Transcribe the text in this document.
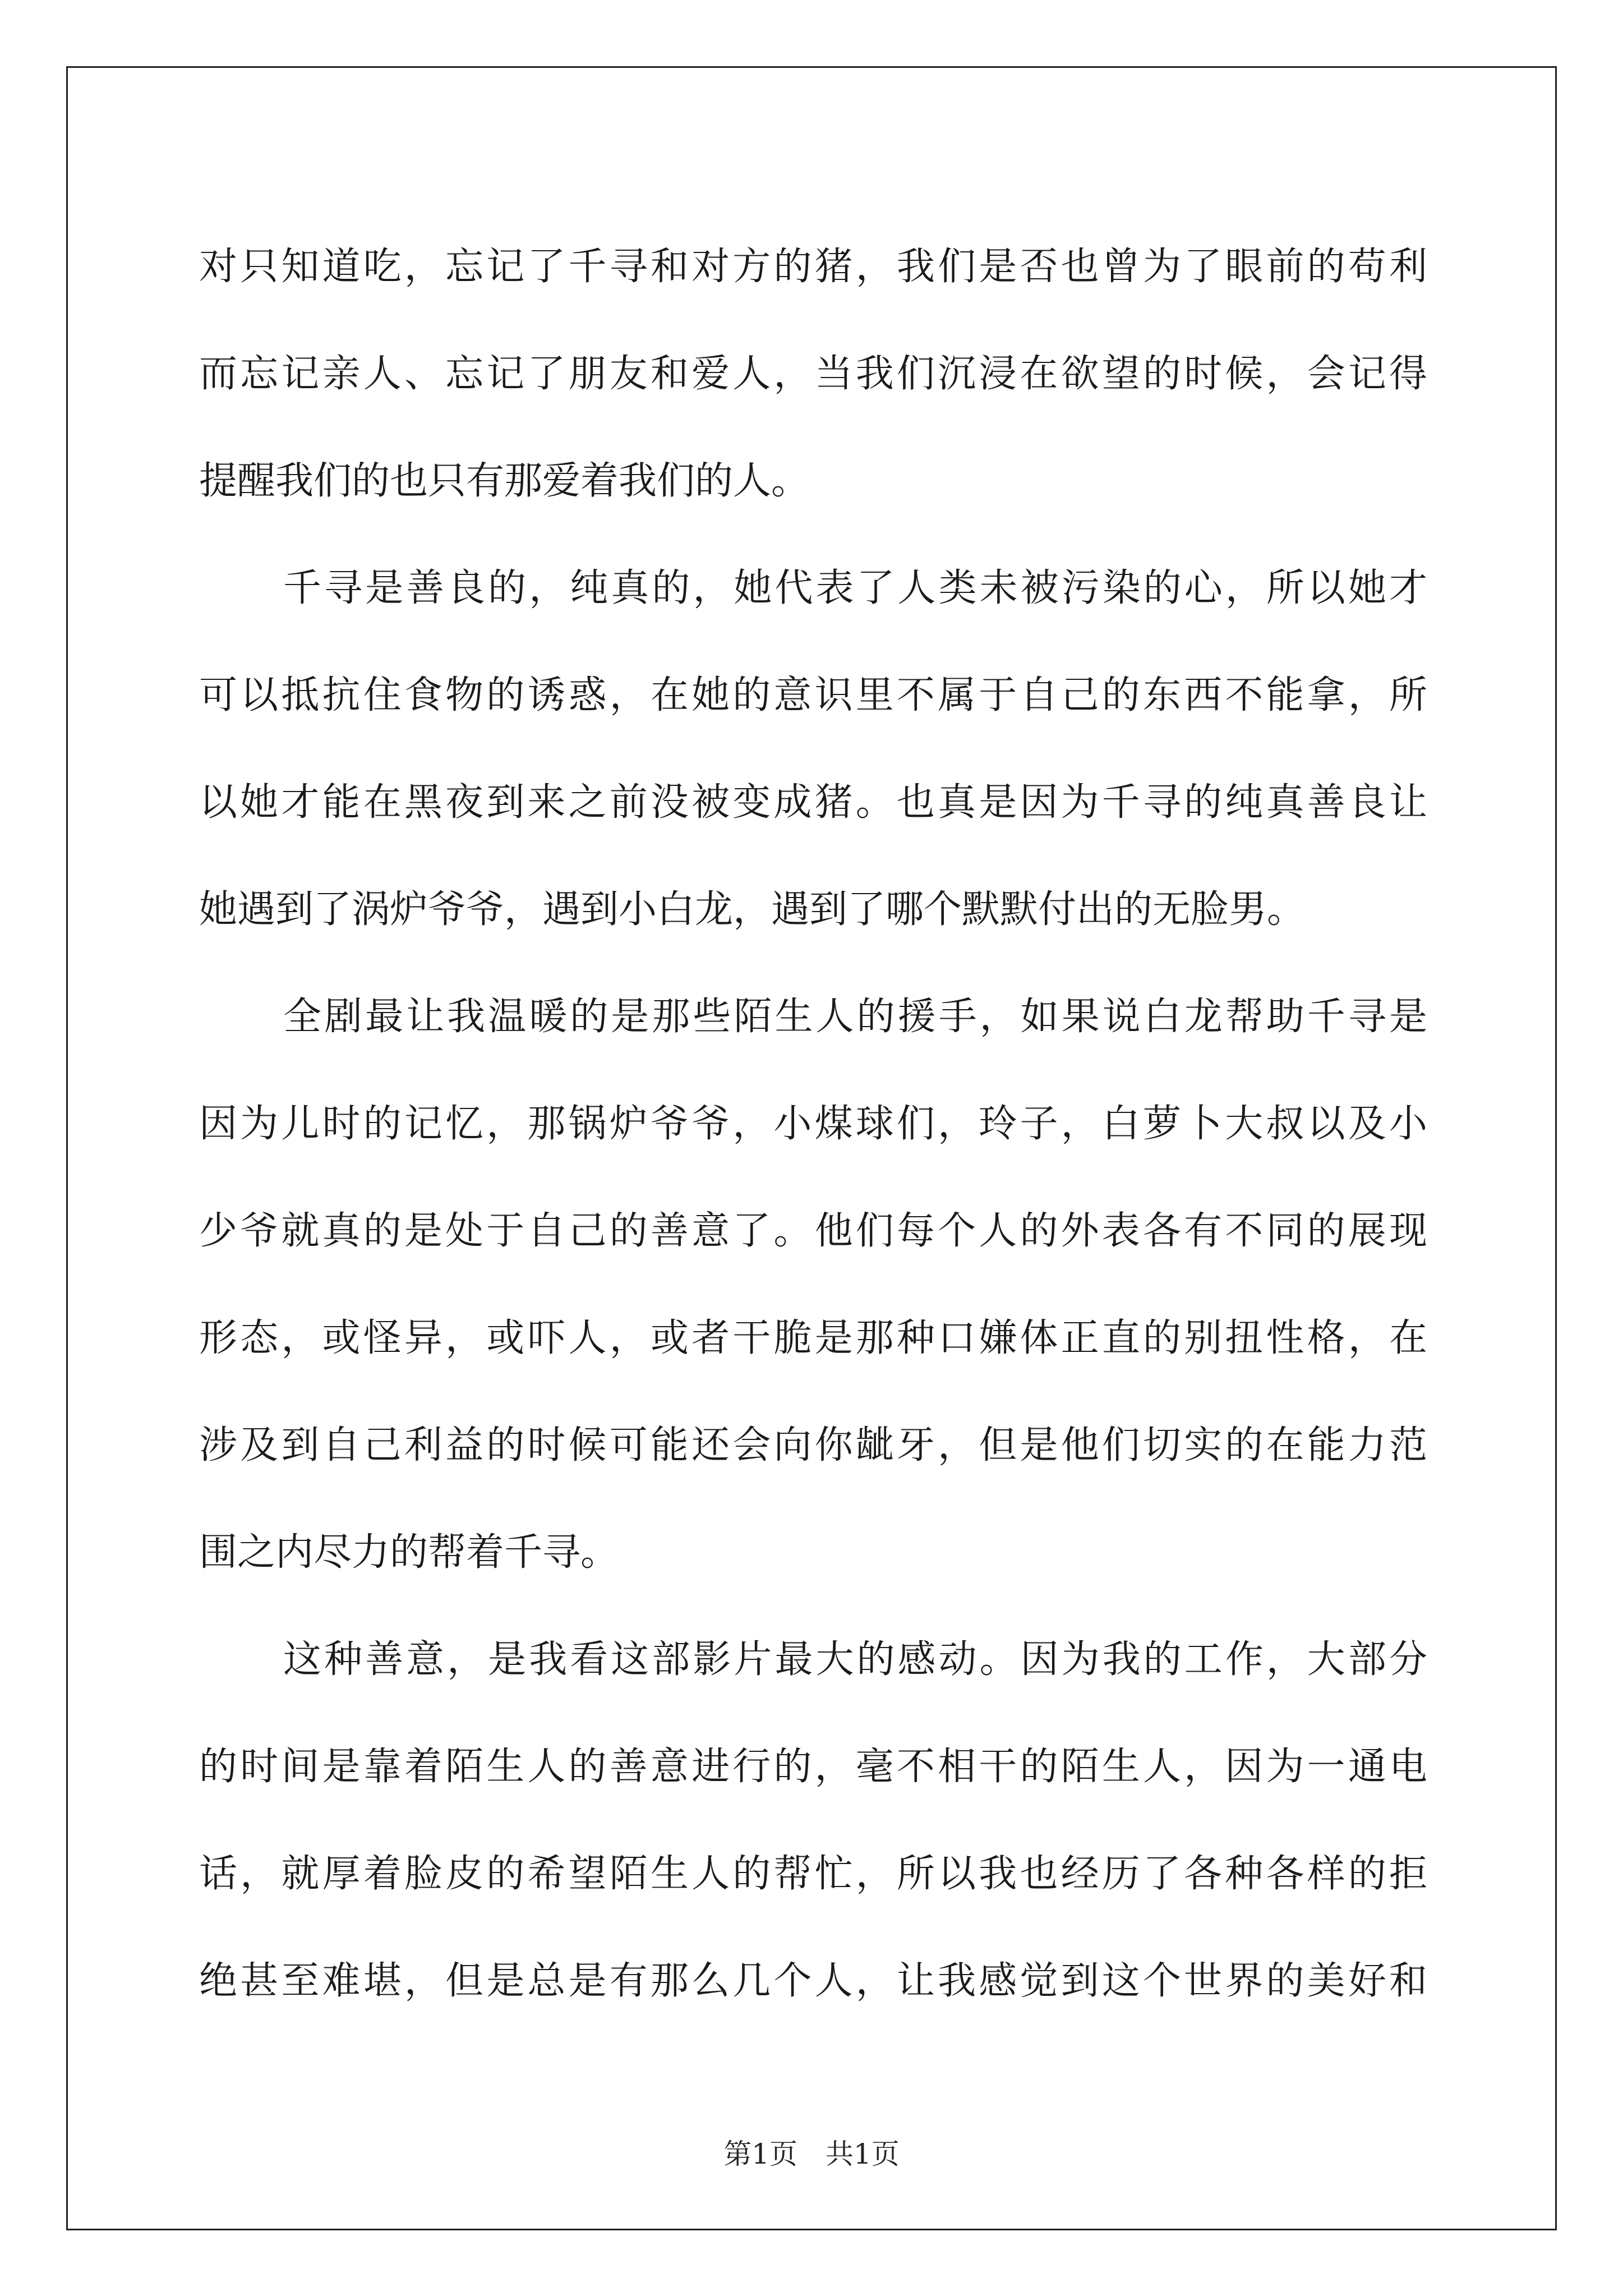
对只知道吃，忘记了千寻和对方的猪，我们是否也曾为了眼前的苟利
而忘记亲人、忘记了朋友和爱人，当我们沉浸在欲望的时候，会记得
提醒我们的也只有那爱着我们的人。
千寻是善良的，纯真的，她代表了人类未被污染的心，所以她才
可以抵抗住食物的诱惑，在她的意识里不属于自己的东西不能拿，所
以她才能在黑夜到来之前没被变成猪。也真是因为千寻的纯真善良让
她遇到了涡炉爷爷，遇到小白龙，遇到了哪个默默付出的无脸男。
全剧最让我温暖的是那些陌生人的援手，如果说白龙帮助千寻是
因为儿时的记忆，那锅炉爷爷，小煤球们，玲子，白萝卜大叔以及小
少爷就真的是处于自己的善意了。他们每个人的外表各有不同的展现
形态，或怪异，或吓人，或者干脆是那种口嫌体正直的别扭性格，在
涉及到自己利益的时候可能还会向你龇牙，但是他们切实的在能力范
围之内尽力的帮着千寻。
这种善意，是我看这部影片最大的感动。因为我的工作，大部分
的时间是靠着陌生人的善意进行的，毫不相干的陌生人，因为一通电
话，就厚着脸皮的希望陌生人的帮忙，所以我也经历了各种各样的拒
绝甚至难堪，但是总是有那么几个人，让我感觉到这个世界的美好和
第1页　共1页
